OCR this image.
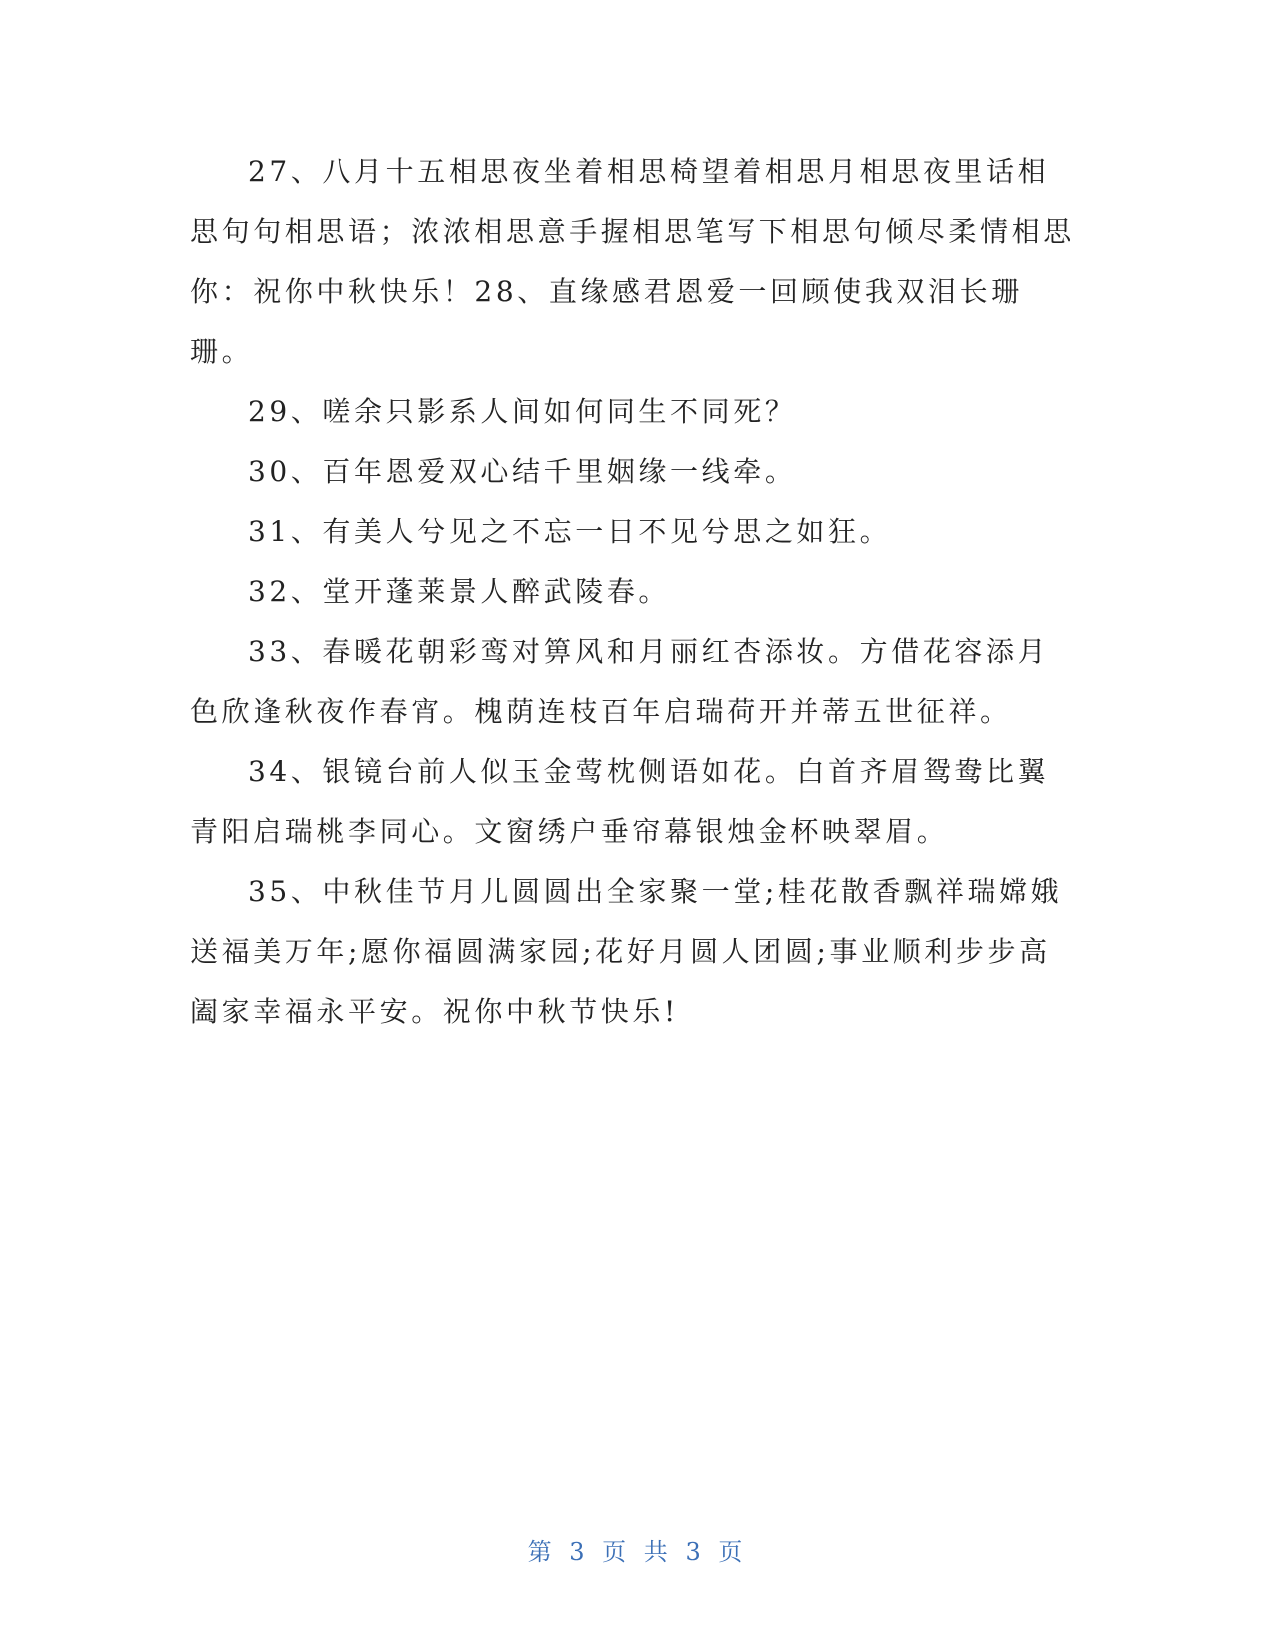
27、八月十五相思夜坐着相思椅望着相思月相思夜里话相思句句相思语；浓浓相思意手握相思笔写下相思句倾尽柔情相思你：祝你中秋快乐！28、直缘感君恩爱一回顾使我双泪长珊珊。

29、嗟余只影系人间如何同生不同死？

30、百年恩爱双心结千里姻缘一线牵。

31、有美人兮见之不忘一日不见兮思之如狂。

32、堂开蓬莱景人醉武陵春。

33、春暖花朝彩鸾对箅风和月丽红杏添妆。方借花容添月色欣逢秋夜作春宵。槐荫连枝百年启瑞荷开并蒂五世征祥。

34、银镜台前人似玉金莺枕侧语如花。白首齐眉鸳鸯比翼青阳启瑞桃李同心。文窗绣户垂帘幕银烛金杯映翠眉。

35、中秋佳节月儿圆圆出全家聚一堂;桂花散香飘祥瑞嫦娥送福美万年;愿你福圆满家园;花好月圆人团圆;事业顺利步步高阖家幸福永平安。祝你中秋节快乐!

第 3 页 共 3 页
